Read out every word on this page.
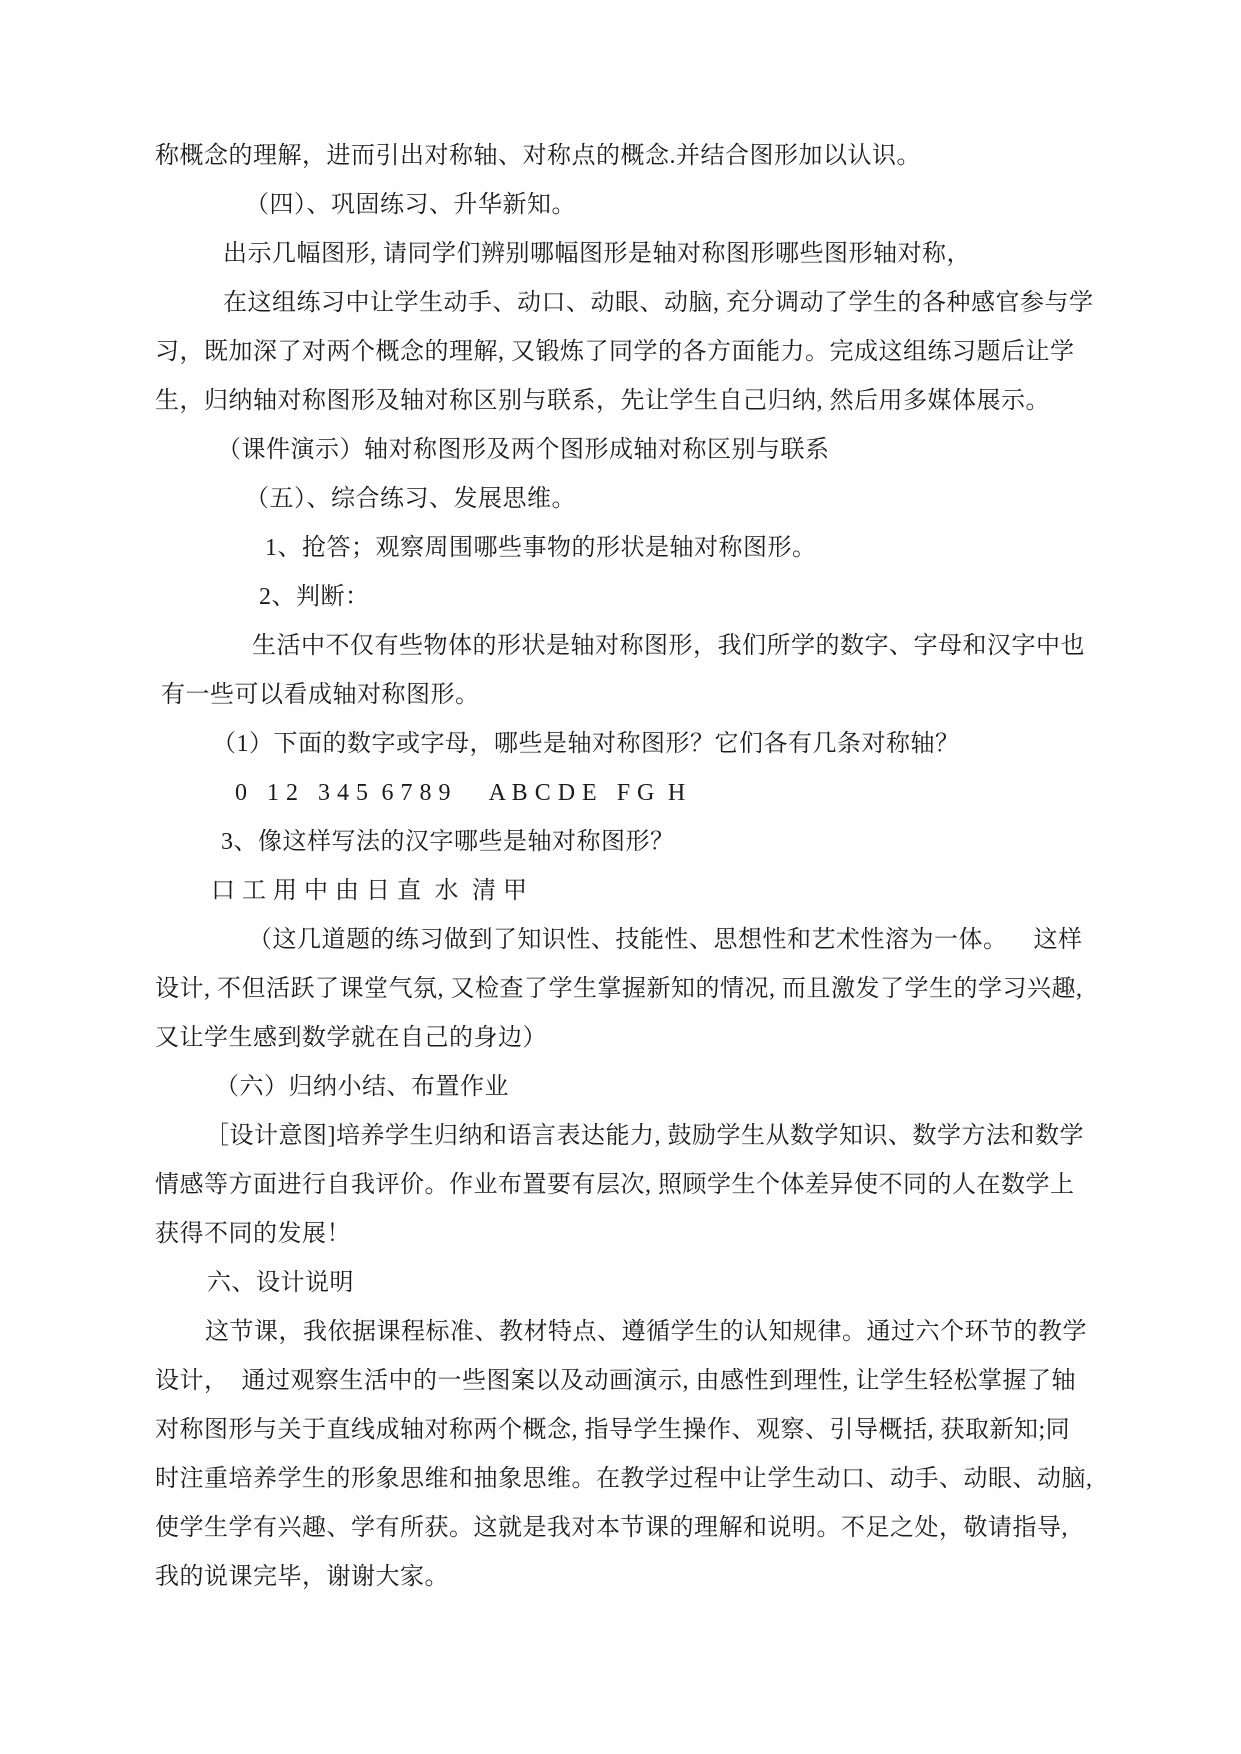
称概念的理解，进而引出对称轴、对称点的概念.并结合图形加以认识。
（四）、巩固练习、升华新知。
出示几幅图形, 请同学们辨别哪幅图形是轴对称图形哪些图形轴对称，
在这组练习中让学生动手、动口、动眼、动脑, 充分调动了学生的各种感官参与学
习，既加深了对两个概念的理解, 又锻炼了同学的各方面能力。完成这组练习题后让学
生，归纳轴对称图形及轴对称区别与联系，先让学生自己归纳, 然后用多媒体展示。
（课件演示）轴对称图形及两个图形成轴对称区别与联系
（五）、综合练习、发展思维。
1、抢答；观察周围哪些事物的形状是轴对称图形。
2、判断：
生活中不仅有些物体的形状是轴对称图形，我们所学的数字、字母和汉字中也
有一些可以看成轴对称图形。
（1）下面的数字或字母，哪些是轴对称图形？它们各有几条对称轴？
0   1 2   3 4 5  6 7 8 9      A B C D E   F G  H
3、像这样写法的汉字哪些是轴对称图形？
口 工 用 中 由 日 直  水  清 甲
（这几道题的练习做到了知识性、技能性、思想性和艺术性溶为一体。    这样
设计, 不但活跃了课堂气氛, 又检查了学生掌握新知的情况, 而且激发了学生的学习兴趣,
又让学生感到数学就在自己的身边）
（六）归纳小结、布置作业
［设计意图]培养学生归纳和语言表达能力, 鼓励学生从数学知识、数学方法和数学
情感等方面进行自我评价。作业布置要有层次, 照顾学生个体差异使不同的人在数学上
获得不同的发展！
六、设计说明
这节课，我依据课程标准、教材特点、遵循学生的认知规律。通过六个环节的教学
设计，  通过观察生活中的一些图案以及动画演示, 由感性到理性, 让学生轻松掌握了轴
对称图形与关于直线成轴对称两个概念, 指导学生操作、观察、引导概括, 获取新知;同
时注重培养学生的形象思维和抽象思维。在教学过程中让学生动口、动手、动眼、动脑,
使学生学有兴趣、学有所获。这就是我对本节课的理解和说明。不足之处，敬请指导,
我的说课完毕，谢谢大家。
